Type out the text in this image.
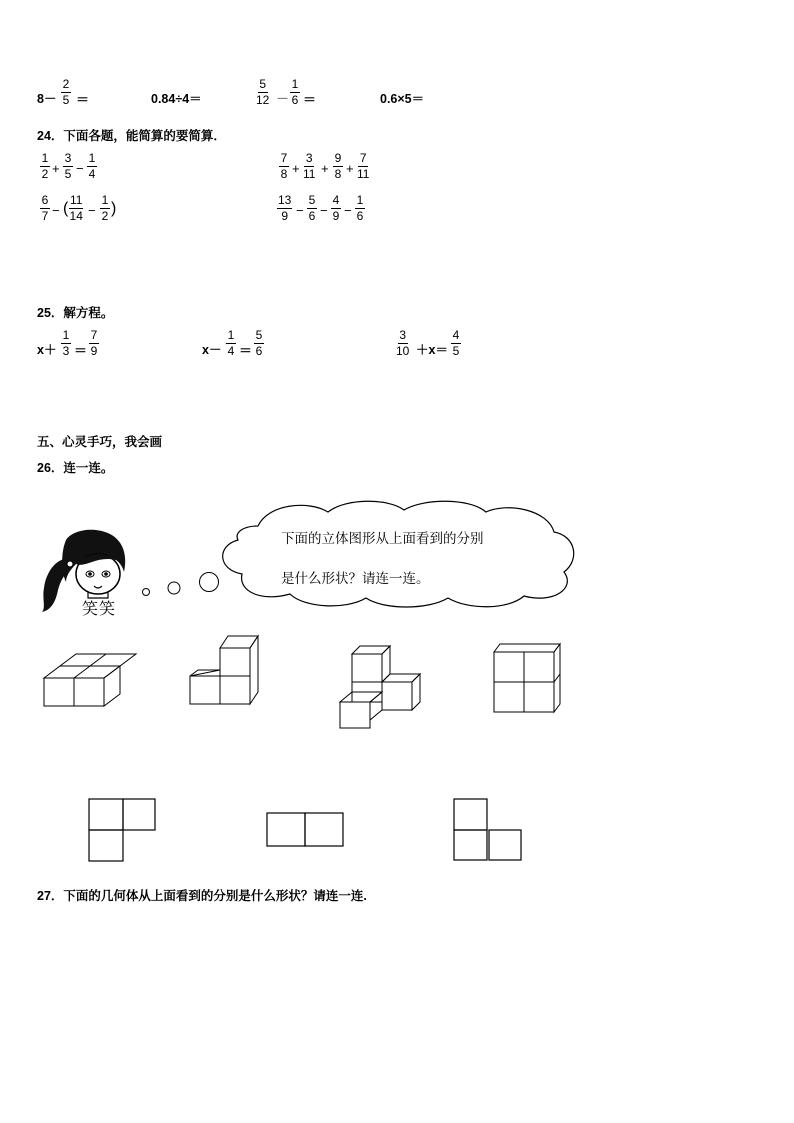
$8- \frac{2}{5}$ ＝	0.84÷4＝	$\frac{5}{12} - \frac{1}{6}$ ＝	0.6×5＝
24．下面各题，能简算的要简算．
$\frac{1}{2} + \frac{3}{5} - \frac{1}{4}$
$\frac{6}{7}$ − ( $\frac{11}{14} - \frac{1}{2}$ )
$\frac{7}{8} + \frac{3}{11} + \frac{9}{8} + \frac{7}{11}$
$\frac{13}{9} - \frac{5}{6} - \frac{4}{9} - \frac{1}{6}$
25．解方程。
$x+ \frac{1}{3} = \frac{7}{9}$	$x- \frac{1}{4} = \frac{5}{6}$	$\frac{3}{10} +x= \frac{4}{5}$
五、心灵手巧，我会画
26．连一连。
笑笑
下面的立体图形从上面看到的分别
是什么形状？请连一连。
27．下面的几何体从上面看到的分别是什么形状？请连一连.
